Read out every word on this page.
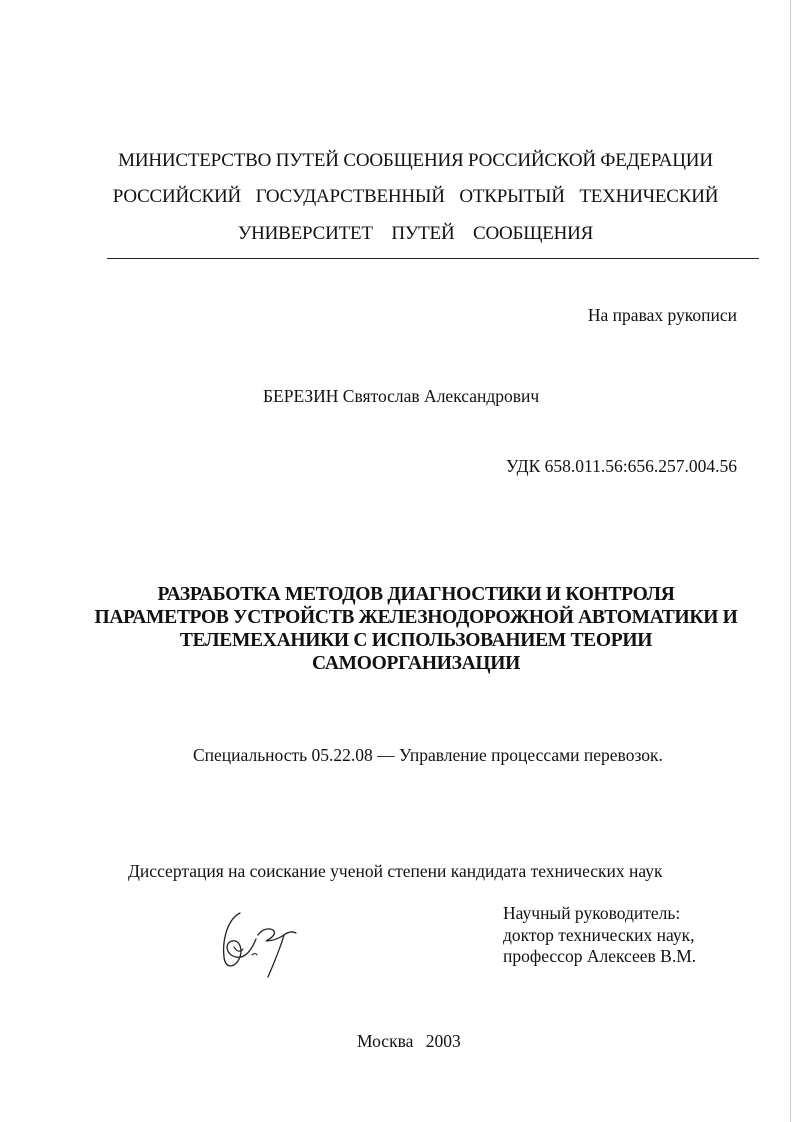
МИНИСТЕРСТВО ПУТЕЙ СООБЩЕНИЯ РОССИЙСКОЙ ФЕДЕРАЦИИ

РОССИЙСКИЙ ГОСУДАРСТВЕННЫЙ ОТКРЫТЫЙ ТЕХНИЧЕСКИЙ

УНИВЕРСИТЕТ ПУТЕЙ СООБЩЕНИЯ

На правах рукописи
БЕРЕЗИН Святослав Александрович
УДК 658.011.56:656.257.004.56
РАЗРАБОТКА МЕТОДОВ ДИАГНОСТИКИ И КОНТРОЛЯ
ПАРАМЕТРОВ УСТРОЙСТВ ЖЕЛЕЗНОДОРОЖНОЙ АВТОМАТИКИ И
ТЕЛЕМЕХАНИКИ С ИСПОЛЬЗОВАНИЕМ ТЕОРИИ
САМООРГАНИЗАЦИИ
Специальность 05.22.08 — Управление процессами перевозок.
Диссертация на соискание ученой степени кандидата технических наук
Научный руководитель:
доктор технических наук,
профессор Алексеев В.М.
Москва 2003
